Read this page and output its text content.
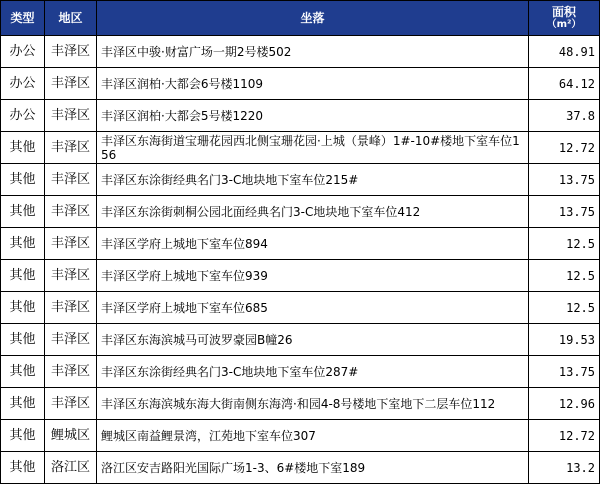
类型	地区	坐落	面积
（m²）

办公	丰泽区	丰泽区中骏·财富广场一期2号楼502	48.91
办公	丰泽区	丰泽区润柏·大都会6号楼1109	64.12
办公	丰泽区	丰泽区润柏·大都会5号楼1220	37.8
其他	丰泽区	丰泽区东海街道宝珊花园西北侧宝珊花园·上城（景峰）1#-10#楼地下室车位156	12.72
其他	丰泽区	丰泽区东涂街经典名门3-C地块地下室车位215#	13.75
其他	丰泽区	丰泽区东涂街刺桐公园北面经典名门3-C地块地下室车位412	13.75
其他	丰泽区	丰泽区学府上城地下室车位894	12.5
其他	丰泽区	丰泽区学府上城地下室车位939	12.5
其他	丰泽区	丰泽区学府上城地下室车位685	12.5
其他	丰泽区	丰泽区东海滨城马可波罗豪园B幢26	19.53
其他	丰泽区	丰泽区东涂街经典名门3-C地块地下室车位287#	13.75
其他	丰泽区	丰泽区东海滨城东海大街南侧东海湾·和园4-8号楼地下室地下二层车位112	12.96
其他	鲤城区	鲤城区南益鲤景湾，江苑地下室车位307	12.72
其他	洛江区	洛江区安吉路阳光国际广场1-3、6#楼地下室189	13.2
